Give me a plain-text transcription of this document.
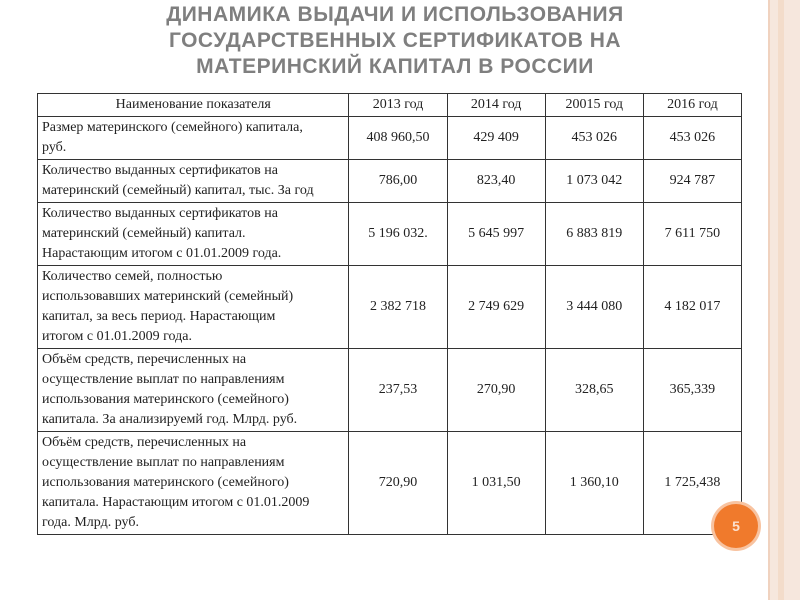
ДИНАМИКА ВЫДАЧИ И ИСПОЛЬЗОВАНИЯ
ГОСУДАРСТВЕННЫХ СЕРТИФИКАТОВ НА
МАТЕРИНСКИЙ КАПИТАЛ В РОССИИ
Наименование показателя	2013 год	2014 год	20015 год	2016 год

Размер материнского (семейного) капитала,
руб.	408 960,50	429 409	453 026	453 026

Количество выданных сертификатов на
материнский (семейный) капитал, тыс. За год	786,00	823,40	1 073 042	924 787

Количество выданных сертификатов на
материнский (семейный) капитал.
Нарастающим итогом с 01.01.2009 года.	5 196 032.	5 645 997	6 883 819	7 611 750

Количество семей, полностью
использовавших материнский (семейный)
капитал, за весь период. Нарастающим
итогом с 01.01.2009 года.	2 382 718	2 749 629	3 444 080	4 182 017

Объём средств, перечисленных на
осуществление выплат по направлениям
использования материнского (семейного)
капитала. За анализируемй год. Млрд. руб.	237,53	270,90	328,65	365,339

Объём средств, перечисленных на
осуществление выплат по направлениям
использования материнского (семейного)
капитала. Нарастающим итогом с 01.01.2009
года. Млрд. руб.	720,90	1 031,50	1 360,10	1 725,438
5
